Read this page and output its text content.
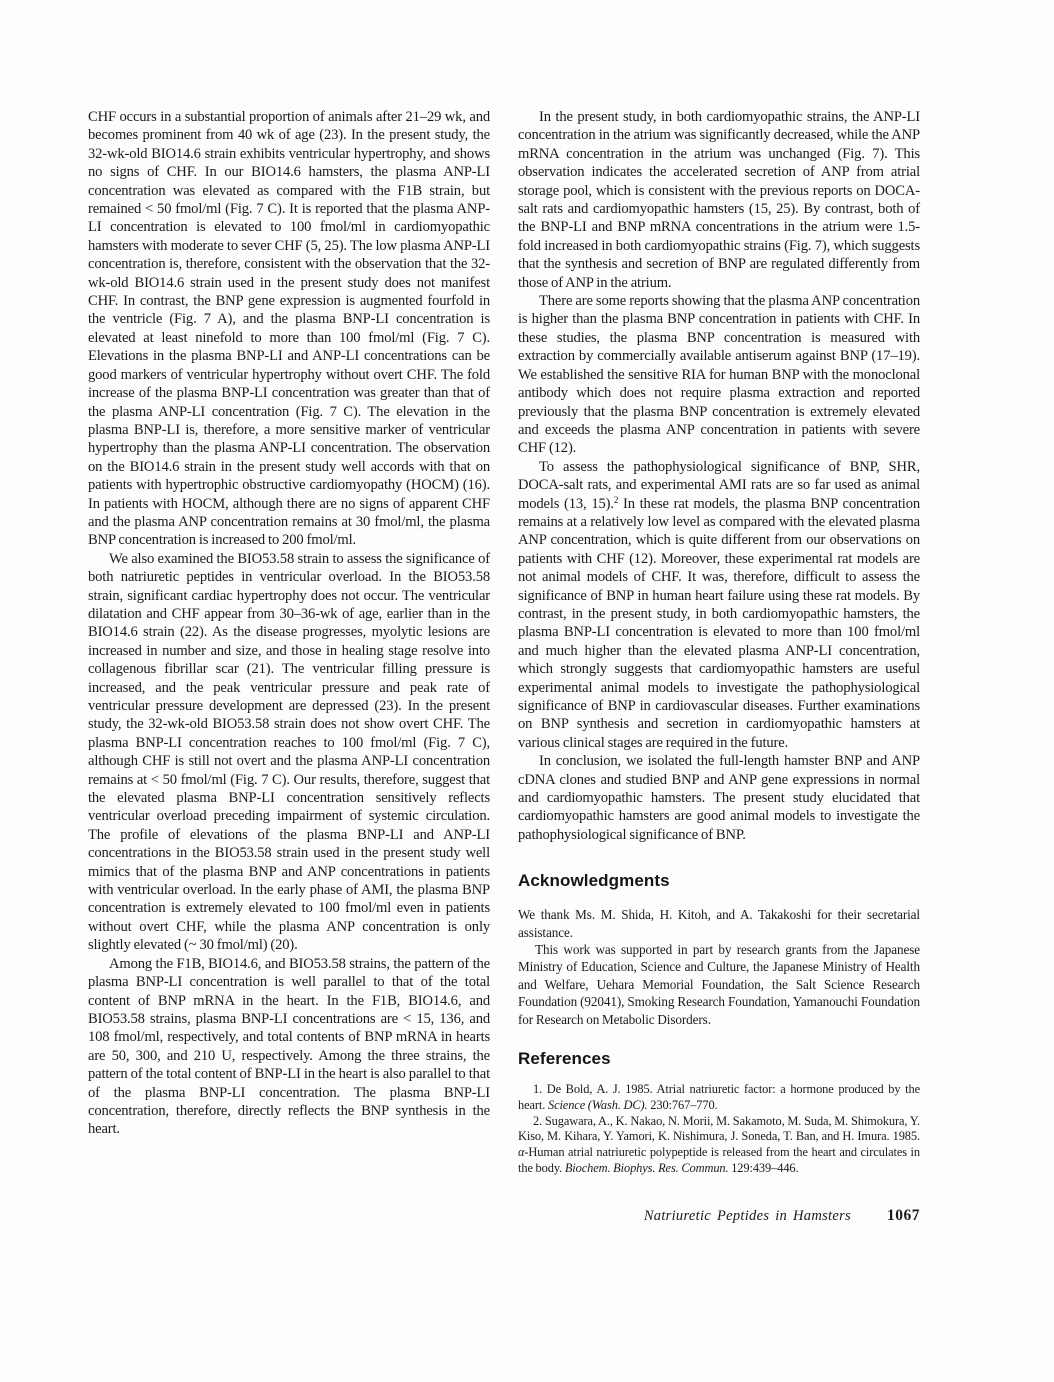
CHF occurs in a substantial proportion of animals after 21–29 wk, and becomes prominent from 40 wk of age (23). In the present study, the 32-wk-old BIO14.6 strain exhibits ventricular hypertrophy, and shows no signs of CHF. In our BIO14.6 hamsters, the plasma ANP-LI concentration was elevated as compared with the F1B strain, but remained < 50 fmol/ml (Fig. 7 C). It is reported that the plasma ANP-LI concentration is elevated to 100 fmol/ml in cardiomyopathic hamsters with moderate to sever CHF (5, 25). The low plasma ANP-LI concentration is, therefore, consistent with the observation that the 32-wk-old BIO14.6 strain used in the present study does not manifest CHF. In contrast, the BNP gene expression is augmented fourfold in the ventricle (Fig. 7 A), and the plasma BNP-LI concentration is elevated at least ninefold to more than 100 fmol/ml (Fig. 7 C). Elevations in the plasma BNP-LI and ANP-LI concentrations can be good markers of ventricular hypertrophy without overt CHF. The fold increase of the plasma BNP-LI concentration was greater than that of the plasma ANP-LI concentration (Fig. 7 C). The elevation in the plasma BNP-LI is, therefore, a more sensitive marker of ventricular hypertrophy than the plasma ANP-LI concentration. The observation on the BIO14.6 strain in the present study well accords with that on patients with hypertrophic obstructive cardiomyopathy (HOCM) (16). In patients with HOCM, although there are no signs of apparent CHF and the plasma ANP concentration remains at 30 fmol/ml, the plasma BNP concentration is increased to 200 fmol/ml.

We also examined the BIO53.58 strain to assess the significance of both natriuretic peptides in ventricular overload. In the BIO53.58 strain, significant cardiac hypertrophy does not occur. The ventricular dilatation and CHF appear from 30–36-wk of age, earlier than in the BIO14.6 strain (22). As the disease progresses, myolytic lesions are increased in number and size, and those in healing stage resolve into collagenous fibrillar scar (21). The ventricular filling pressure is increased, and the peak ventricular pressure and peak rate of ventricular pressure development are depressed (23). In the present study, the 32-wk-old BIO53.58 strain does not show overt CHF. The plasma BNP-LI concentration reaches to 100 fmol/ml (Fig. 7 C), although CHF is still not overt and the plasma ANP-LI concentration remains at < 50 fmol/ml (Fig. 7 C). Our results, therefore, suggest that the elevated plasma BNP-LI concentration sensitively reflects ventricular overload preceding impairment of systemic circulation. The profile of elevations of the plasma BNP-LI and ANP-LI concentrations in the BIO53.58 strain used in the present study well mimics that of the plasma BNP and ANP concentrations in patients with ventricular overload. In the early phase of AMI, the plasma BNP concentration is extremely elevated to 100 fmol/ml even in patients without overt CHF, while the plasma ANP concentration is only slightly elevated (~ 30 fmol/ml) (20).

Among the F1B, BIO14.6, and BIO53.58 strains, the pattern of the plasma BNP-LI concentration is well parallel to that of the total content of BNP mRNA in the heart. In the F1B, BIO14.6, and BIO53.58 strains, plasma BNP-LI concentrations are < 15, 136, and 108 fmol/ml, respectively, and total contents of BNP mRNA in hearts are 50, 300, and 210 U, respectively. Among the three strains, the pattern of the total content of BNP-LI in the heart is also parallel to that of the plasma BNP-LI concentration. The plasma BNP-LI concentration, therefore, directly reflects the BNP synthesis in the heart.

In the present study, in both cardiomyopathic strains, the ANP-LI concentration in the atrium was significantly decreased, while the ANP mRNA concentration in the atrium was unchanged (Fig. 7). This observation indicates the accelerated secretion of ANP from atrial storage pool, which is consistent with the previous reports on DOCA-salt rats and cardiomyopathic hamsters (15, 25). By contrast, both of the BNP-LI and BNP mRNA concentrations in the atrium were 1.5-fold increased in both cardiomyopathic strains (Fig. 7), which suggests that the synthesis and secretion of BNP are regulated differently from those of ANP in the atrium.

There are some reports showing that the plasma ANP concentration is higher than the plasma BNP concentration in patients with CHF. In these studies, the plasma BNP concentration is measured with extraction by commercially available antiserum against BNP (17–19). We established the sensitive RIA for human BNP with the monoclonal antibody which does not require plasma extraction and reported previously that the plasma BNP concentration is extremely elevated and exceeds the plasma ANP concentration in patients with severe CHF (12).

To assess the pathophysiological significance of BNP, SHR, DOCA-salt rats, and experimental AMI rats are so far used as animal models (13, 15).$^2$ In these rat models, the plasma BNP concentration remains at a relatively low level as compared with the elevated plasma ANP concentration, which is quite different from our observations on patients with CHF (12). Moreover, these experimental rat models are not animal models of CHF. It was, therefore, difficult to assess the significance of BNP in human heart failure using these rat models. By contrast, in the present study, in both cardiomyopathic hamsters, the plasma BNP-LI concentration is elevated to more than 100 fmol/ml and much higher than the elevated plasma ANP-LI concentration, which strongly suggests that cardiomyopathic hamsters are useful experimental animal models to investigate the pathophysiological significance of BNP in cardiovascular diseases. Further examinations on BNP synthesis and secretion in cardiomyopathic hamsters at various clinical stages are required in the future.

In conclusion, we isolated the full-length hamster BNP and ANP cDNA clones and studied BNP and ANP gene expressions in normal and cardiomyopathic hamsters. The present study elucidated that cardiomyopathic hamsters are good animal models to investigate the pathophysiological significance of BNP.

Acknowledgments

We thank Ms. M. Shida, H. Kitoh, and A. Takakoshi for their secretarial assistance.

This work was supported in part by research grants from the Japanese Ministry of Education, Science and Culture, the Japanese Ministry of Health and Welfare, Uehara Memorial Foundation, the Salt Science Research Foundation (92041), Smoking Research Foundation, Yamanouchi Foundation for Research on Metabolic Disorders.

References

1. De Bold, A. J. 1985. Atrial natriuretic factor: a hormone produced by the heart. Science (Wash. DC). 230:767–770.

2. Sugawara, A., K. Nakao, N. Morii, M. Sakamoto, M. Suda, M. Shimokura, Y. Kiso, M. Kihara, Y. Yamori, K. Nishimura, J. Soneda, T. Ban, and H. Imura. 1985. α-Human atrial natriuretic polypeptide is released from the heart and circulates in the body. Biochem. Biophys. Res. Commun. 129:439–446.

Natriuretic Peptides in Hamsters 1067
